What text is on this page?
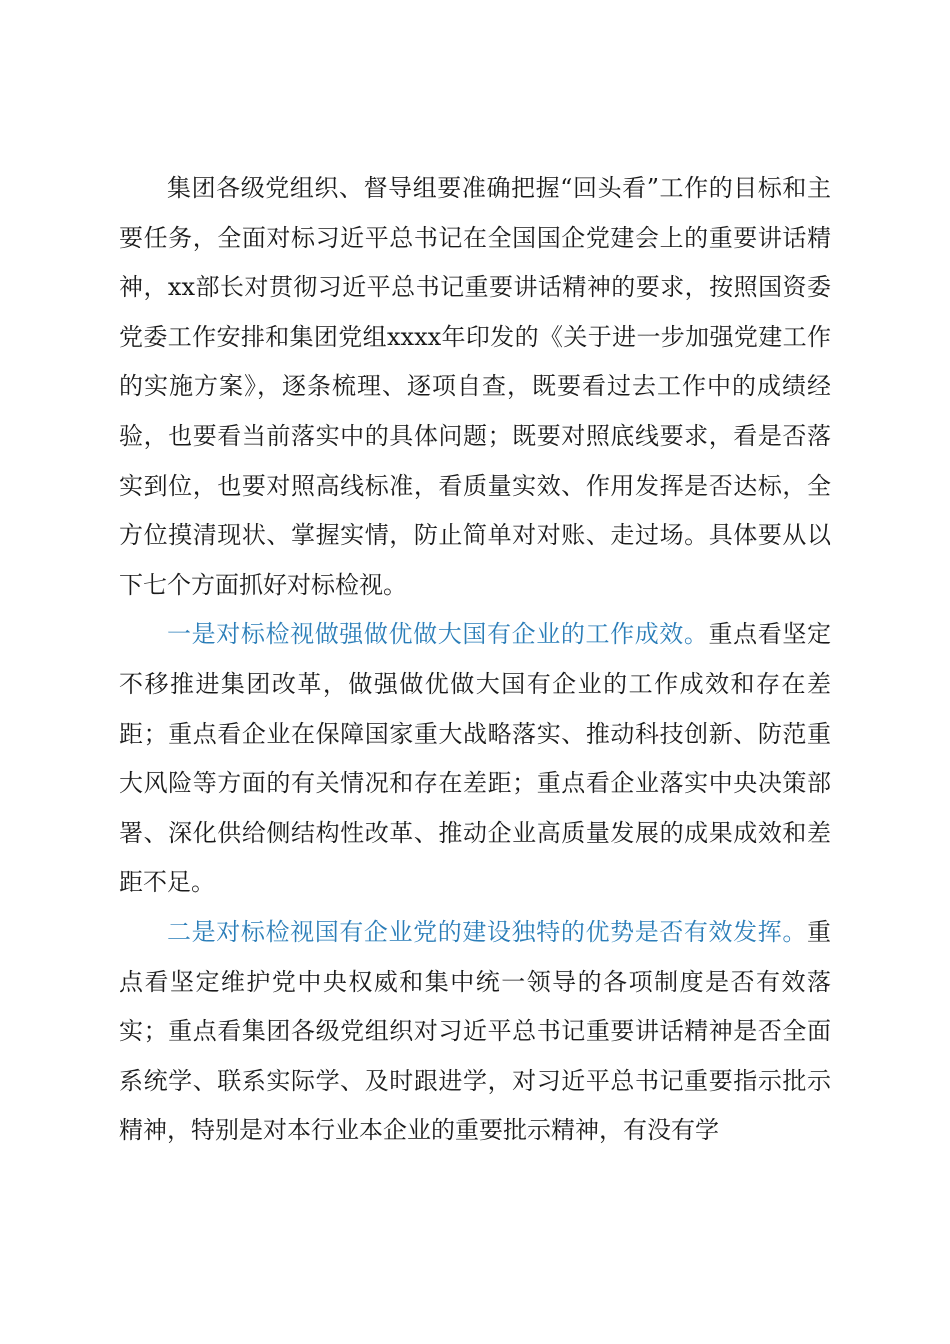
集团各级党组织、督导组要准确把握“回头看”工作的目标和主要任务，全面对标习近平总书记在全国国企党建会上的重要讲话精神，xx部长对贯彻习近平总书记重要讲话精神的要求，按照国资委党委工作安排和集团党组xxxx年印发的《关于进一步加强党建工作的实施方案》，逐条梳理、逐项自查，既要看过去工作中的成绩经验，也要看当前落实中的具体问题；既要对照底线要求，看是否落实到位，也要对照高线标准，看质量实效、作用发挥是否达标，全方位摸清现状、掌握实情，防止简单对对账、走过场。具体要从以下七个方面抓好对标检视。

一是对标检视做强做优做大国有企业的工作成效。重点看坚定不移推进集团改革，做强做优做大国有企业的工作成效和存在差距；重点看企业在保障国家重大战略落实、推动科技创新、防范重大风险等方面的有关情况和存在差距；重点看企业落实中央决策部署、深化供给侧结构性改革、推动企业高质量发展的成果成效和差距不足。

二是对标检视国有企业党的建设独特的优势是否有效发挥。重点看坚定维护党中央权威和集中统一领导的各项制度是否有效落实；重点看集团各级党组织对习近平总书记重要讲话精神是否全面系统学、联系实际学、及时跟进学，对习近平总书记重要指示批示精神，特别是对本行业本企业的重要批示精神，有没有学
